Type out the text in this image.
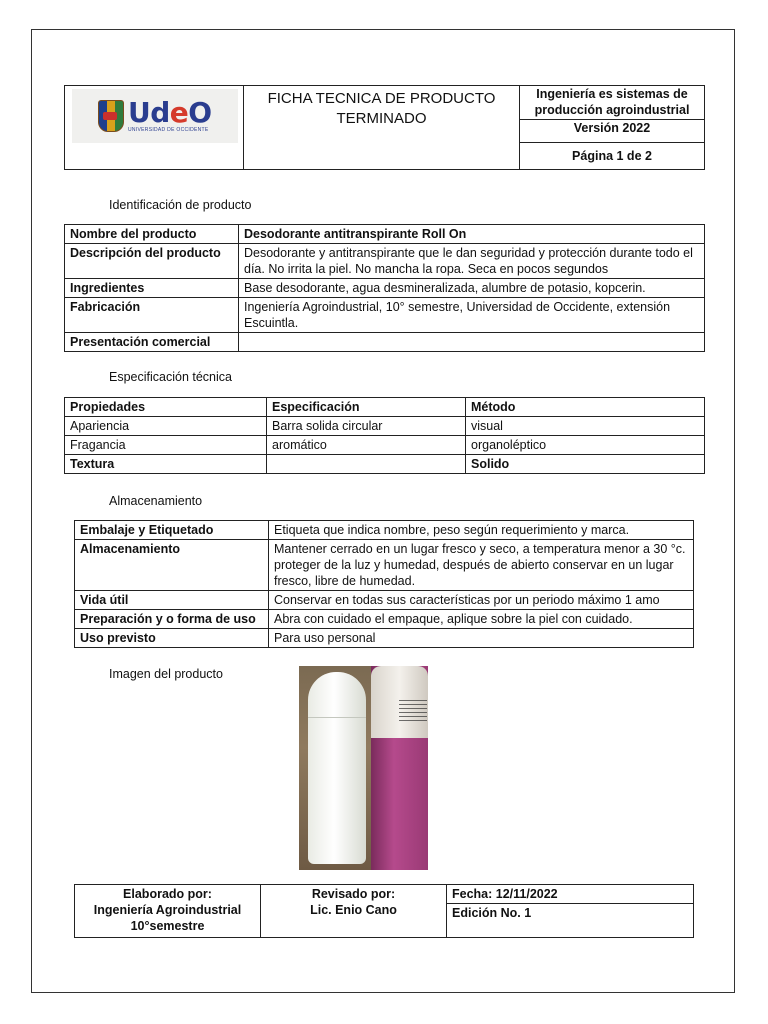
FICHA TECNICA DE PRODUCTO
TERMINADO

Ingeniería es sistemas de
producción agroindustrial

Versión 2022
Página 1 de 2
UdeO
UNIVERSIDAD DE OCCIDENTE
Identificación de producto
Nombre del producto	Desodorante antitranspirante Roll On
Descripción del producto	Desodorante y antitranspirante que le dan seguridad y protección durante todo el día. No irrita la piel. No mancha la ropa. Seca en pocos segundos
Ingredientes	Base desodorante, agua desmineralizada, alumbre de potasio, kopcerin.
Fabricación	Ingeniería Agroindustrial, 10° semestre, Universidad de Occidente, extensión Escuintla.
Presentación comercial	
Especificación técnica
Propiedades	Especificación	Método
Apariencia	Barra solida circular	visual
Fragancia	aromático	organoléptico
Textura		Solido
Almacenamiento
Embalaje y Etiquetado	Etiqueta que indica nombre, peso según requerimiento y marca.
Almacenamiento	Mantener cerrado en un lugar fresco y seco, a temperatura menor a 30 °c. proteger de la luz y humedad, después de abierto conservar en un lugar fresco, libre de humedad.
Vida útil	Conservar en todas sus características por un periodo máximo 1 amo
Preparación y o forma de uso	Abra con cuidado el empaque, aplique sobre la piel con cuidado.
Uso previsto	Para uso personal
Imagen del producto
Elaborado por:
Ingeniería Agroindustrial
10°semestre

Revisado por:
Lic. Enio Cano
	Fecha: 12/11/2022
Edición No. 1
